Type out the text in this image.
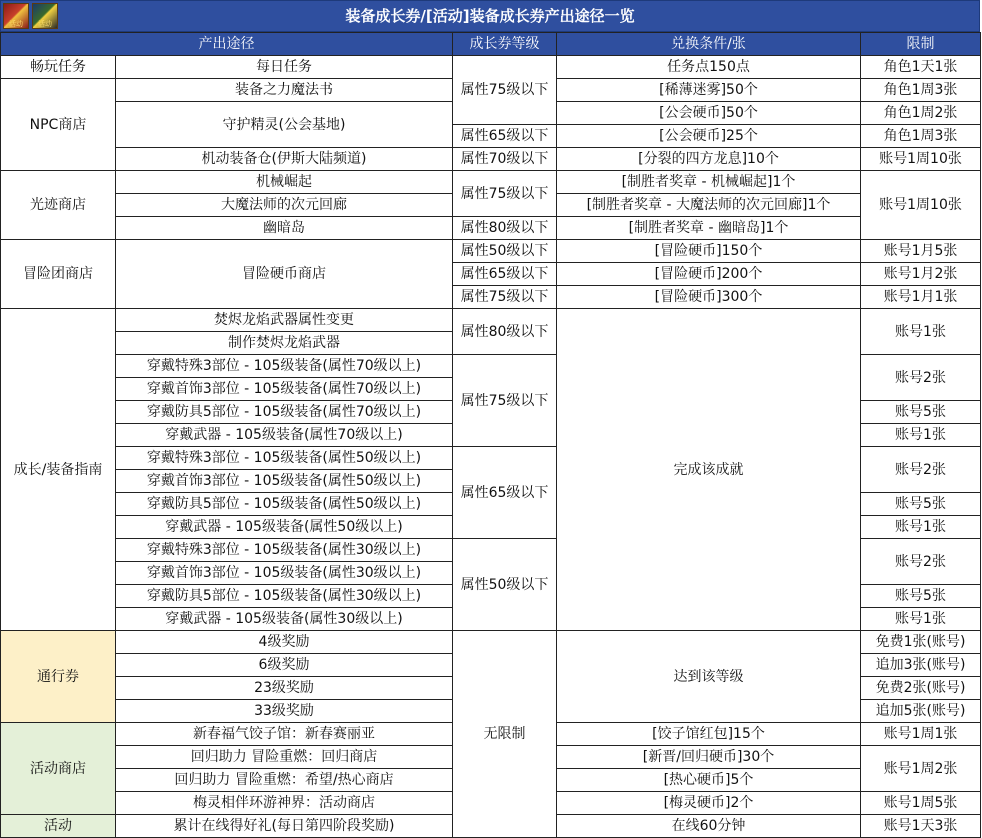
活动	活动	装备成长券/[活动]装备成长券产出途径一览
产出途径		成长券等级	兑换条件/张	限制
畅玩任务	每日任务	属性75级以下	任务点150点	角色1天1张
NPC商店	装备之力魔法书		[稀薄迷雾]50个	角色1周3张
	守护精灵(公会基地)		[公会硬币]50个	角色1周2张
		属性65级以下	[公会硬币]25个	角色1周3张
	机动装备仓(伊斯大陆频道)	属性70级以下	[分裂的四方龙息]10个	账号1周10张
光迹商店	机械崛起	属性75级以下	[制胜者奖章 - 机械崛起]1个	账号1周10张
	大魔法师的次元回廊		[制胜者奖章 - 大魔法师的次元回廊]1个	
	幽暗岛	属性80级以下	[制胜者奖章 - 幽暗岛]1个	
冒险团商店	冒险硬币商店	属性50级以下	[冒险硬币]150个	账号1月5张
		属性65级以下	[冒险硬币]200个	账号1月2张
		属性75级以下	[冒险硬币]300个	账号1月1张
成长/装备指南	焚烬龙焰武器属性变更	属性80级以下	完成该成就	账号1张
	制作焚烬龙焰武器			
	穿戴特殊3部位 - 105级装备(属性70级以上)	属性75级以下		账号2张
	穿戴首饰3部位 - 105级装备(属性70级以上)			
	穿戴防具5部位 - 105级装备(属性70级以上)			账号5张
	穿戴武器 - 105级装备(属性70级以上)			账号1张
	穿戴特殊3部位 - 105级装备(属性50级以上)	属性65级以下		账号2张
	穿戴首饰3部位 - 105级装备(属性50级以上)			
	穿戴防具5部位 - 105级装备(属性50级以上)			账号5张
	穿戴武器 - 105级装备(属性50级以上)			账号1张
	穿戴特殊3部位 - 105级装备(属性30级以上)	属性50级以下		账号2张
	穿戴首饰3部位 - 105级装备(属性30级以上)			
	穿戴防具5部位 - 105级装备(属性30级以上)			账号5张
	穿戴武器 - 105级装备(属性30级以上)			账号1张
通行券	4级奖励	无限制	达到该等级	免费1张(账号)
	6级奖励			追加3张(账号)
	23级奖励			免费2张(账号)
	33级奖励			追加5张(账号)
活动商店	新春福气饺子馆：新春赛丽亚		[饺子馆红包]15个	账号1周1张
	回归助力 冒险重燃：回归商店		[新晋/回归硬币]30个	账号1周2张
	回归助力 冒险重燃：希望/热心商店		[热心硬币]5个	
	梅灵相伴环游神界：活动商店		[梅灵硬币]2个	账号1周5张
活动	累计在线得好礼(每日第四阶段奖励)		在线60分钟	账号1天3张
